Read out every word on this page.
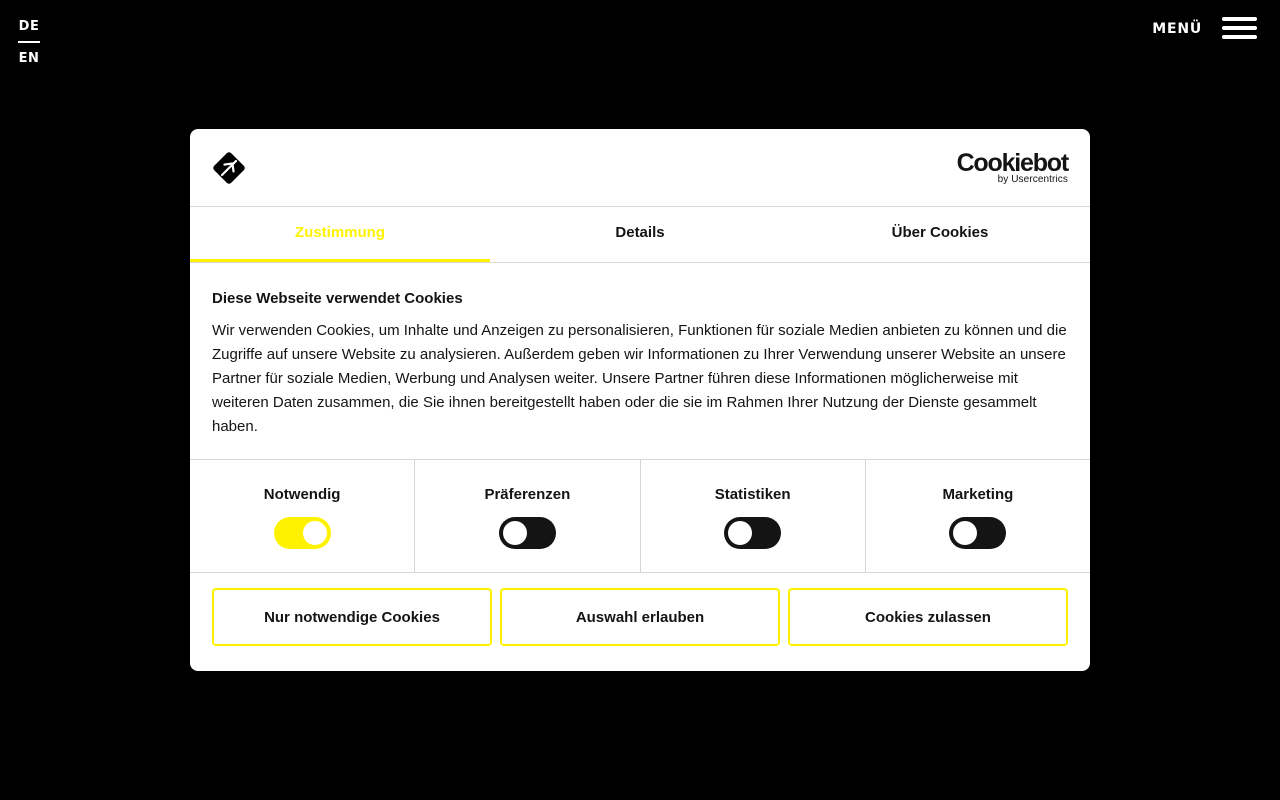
DE
EN
MENÜ
Cookiebot
by Usercentrics
Zustimmung	Details	Über Cookies
Diese Webseite verwendet Cookies

Wir verwenden Cookies, um Inhalte und Anzeigen zu personalisieren, Funktionen für soziale Medien anbieten zu können und die Zugriffe auf unsere Website zu analysieren. Außerdem geben wir Informationen zu Ihrer Verwendung unserer Website an unsere Partner für soziale Medien, Werbung und Analysen weiter. Unsere Partner führen diese Informationen möglicherweise mit weiteren Daten zusammen, die Sie ihnen bereitgestellt haben oder die sie im Rahmen Ihrer Nutzung der Dienste gesammelt haben.

Notwendig	Präferenzen	Statistiken	Marketing
Nur notwendige Cookies	Auswahl erlauben	Cookies zulassen
